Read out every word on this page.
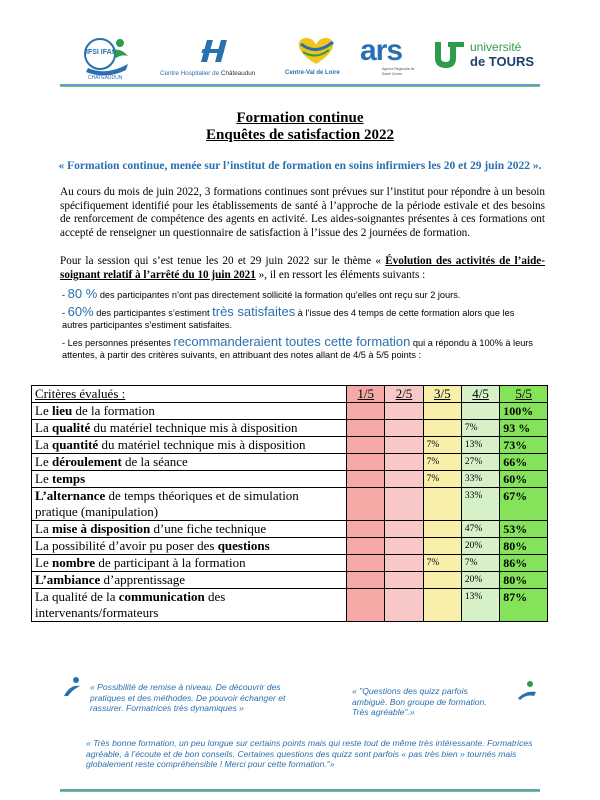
IFSI IFAS
CHATEAUDUN
Centre Hospitalier de Châteaudun	Centre-Val de Loire
ars
Agence Régionale de Santé Centre
université
de TOURS
Formation continue
Enquêtes de satisfaction 2022
« Formation continue, menée sur l’institut de formation en soins infirmiers les 20 et 29 juin 2022 ».
Au cours du mois de juin 2022, 3 formations continues sont prévues sur l’institut pour répondre à un besoin spécifiquement identifié pour les établissements de santé à l’approche de la période estivale et des besoins de renforcement de compétence des agents en activité. Les aides-soignantes présentes à ces formations ont accepté de renseigner un questionnaire de satisfaction à l’issue des 2 journées de formation.
Pour la session qui s’est tenue les 20 et 29 juin 2022 sur le thème « Évolution des activités de l’aide-soignant relatif à l’arrêté du 10 juin 2021 », il en ressort les éléments suivants :
- 80 % des participantes n’ont pas directement sollicité la formation qu’elles ont reçu sur 2 jours.
- 60% des participantes s’estiment très satisfaites à l’issue des 4 temps de cette formation alors que les autres participantes s’estiment satisfaites.
- Les personnes présentes recommanderaient toutes cette formation qui a répondu à 100% à leurs attentes, à partir des critères suivants, en attribuant des notes allant de 4/5 à 5/5 points :
Critères évalués :	1/5	2/5	3/5	4/5	5/5
Le lieu de la formation					100%
La qualité du matériel technique mis à disposition				7%	93 %
La quantité du matériel technique mis à disposition			7%	13%	73%
Le déroulement de la séance			7%	27%	66%
Le temps			7%	33%	60%
L’alternance de temps théoriques et de simulation pratique (manipulation)				33%	67%
La mise à disposition d’une fiche technique				47%	53%
La possibilité d’avoir pu poser des questions				20%	80%
Le nombre de participant à la formation			7%	7%	86%
L’ambiance d’apprentissage				20%	80%
La qualité de la communication des intervenants/formateurs				13%	87%
« Possibilité de remise à niveau. De découvrir des pratiques et des méthodes. De pouvoir échanger et rassurer. Formatrices très dynamiques »
« "Questions des quizz parfois ambiguë. Bon groupe de formation. Très agréable".»
« Très bonne formation, un peu longue sur certains points mais qui reste tout de même très intéressante. Formatrices agréable, à l’écoute et de bon conseils. Certaines questions des quizz sont parfois « pas très bien » tournés mais globalement reste compréhensible ! Merci pour cette formation."»
